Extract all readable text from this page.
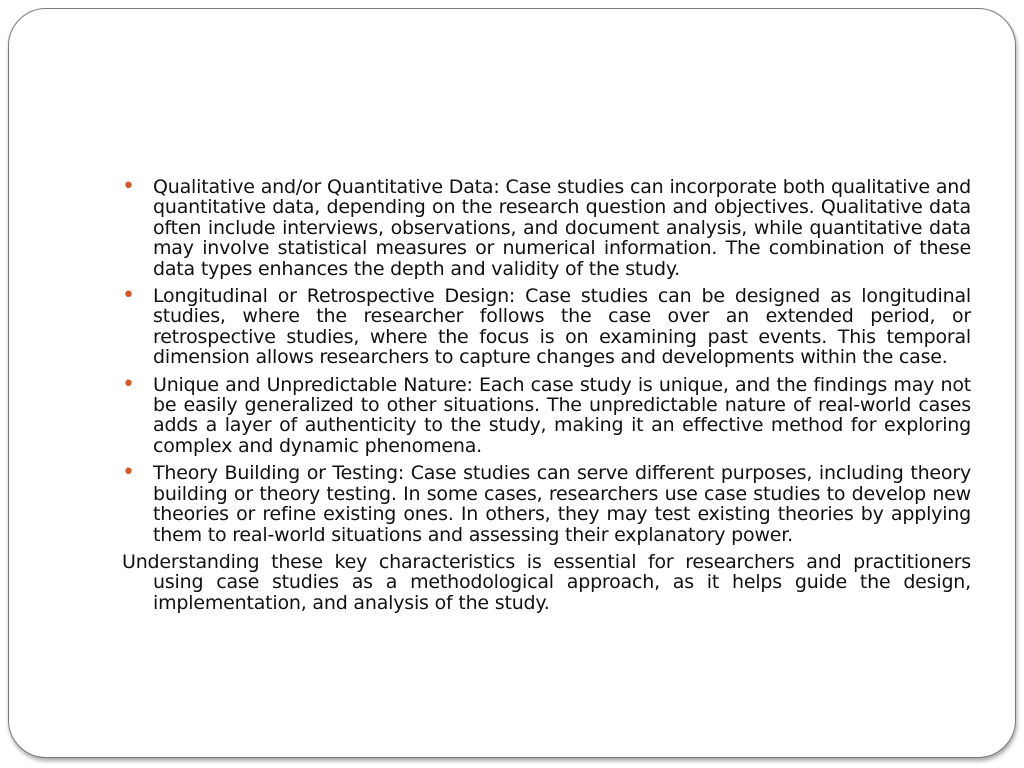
• Qualitative and/or Quantitative Data: Case studies can incorporate both qualitative and quantitative data, depending on the research question and objectives. Qualitative data often include interviews, observations, and document analysis, while quantitative data may involve statistical measures or numerical information. The combination of these data types enhances the depth and validity of the study.
• Longitudinal or Retrospective Design: Case studies can be designed as longitudinal studies, where the researcher follows the case over an extended period, or retrospective studies, where the focus is on examining past events. This temporal dimension allows researchers to capture changes and developments within the case.
• Unique and Unpredictable Nature: Each case study is unique, and the findings may not be easily generalized to other situations. The unpredictable nature of real-world cases adds a layer of authenticity to the study, making it an effective method for exploring complex and dynamic phenomena.
• Theory Building or Testing: Case studies can serve different purposes, including theory building or theory testing. In some cases, researchers use case studies to develop new theories or refine existing ones. In others, they may test existing theories by applying them to real-world situations and assessing their explanatory power.

Understanding these key characteristics is essential for researchers and practitioners using case studies as a methodological approach, as it helps guide the design, implementation, and analysis of the study.
